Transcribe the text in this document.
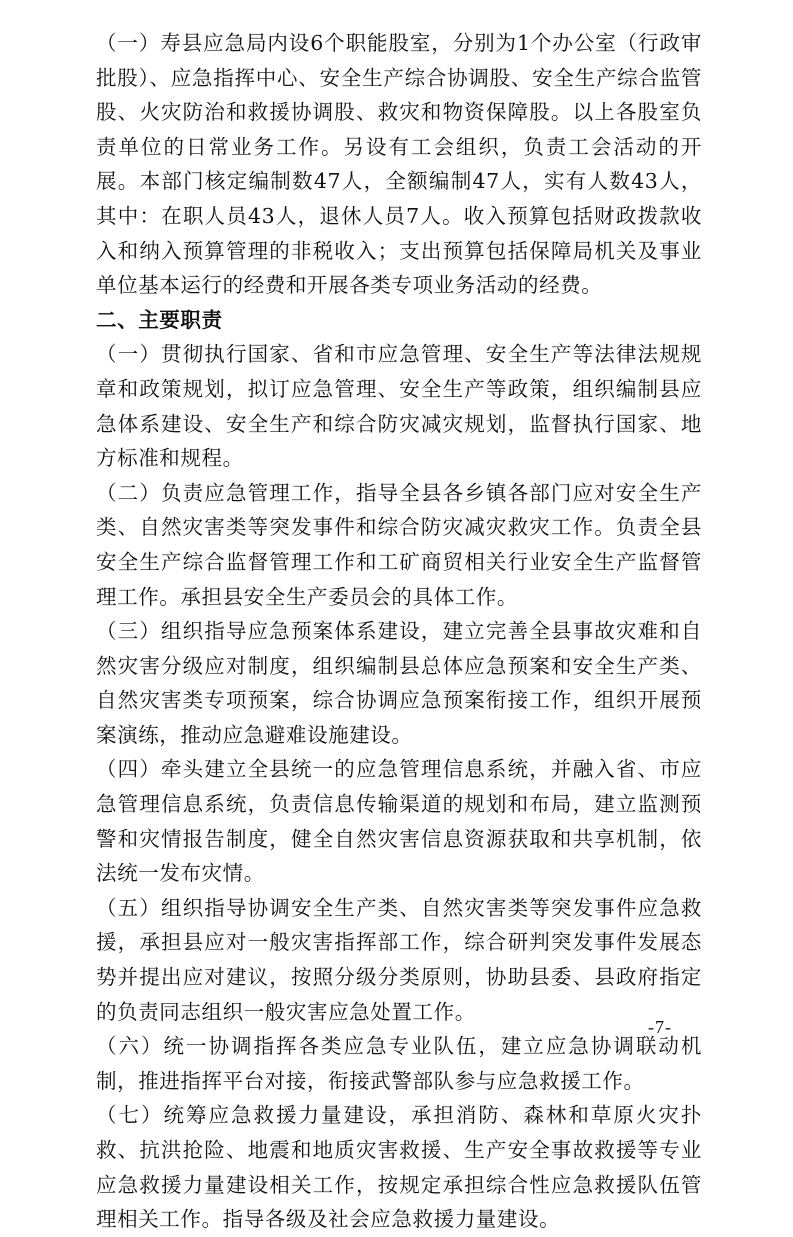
（一）寿县应急局内设6个职能股室，分别为1个办公室（行政审批股）、应急指挥中心、安全生产综合协调股、安全生产综合监管股、火灾防治和救援协调股、救灾和物资保障股。以上各股室负责单位的日常业务工作。另设有工会组织，负责工会活动的开展。本部门核定编制数47人，全额编制47人，实有人数43人，其中：在职人员43人，退休人员7人。收入预算包括财政拨款收入和纳入预算管理的非税收入；支出预算包括保障局机关及事业单位基本运行的经费和开展各类专项业务活动的经费。

二、主要职责

（一）贯彻执行国家、省和市应急管理、安全生产等法律法规规章和政策规划，拟订应急管理、安全生产等政策，组织编制县应急体系建设、安全生产和综合防灾减灾规划，监督执行国家、地方标准和规程。

（二）负责应急管理工作，指导全县各乡镇各部门应对安全生产类、自然灾害类等突发事件和综合防灾减灾救灾工作。负责全县安全生产综合监督管理工作和工矿商贸相关行业安全生产监督管理工作。承担县安全生产委员会的具体工作。

（三）组织指导应急预案体系建设，建立完善全县事故灾难和自然灾害分级应对制度，组织编制县总体应急预案和安全生产类、自然灾害类专项预案，综合协调应急预案衔接工作，组织开展预案演练，推动应急避难设施建设。

（四）牵头建立全县统一的应急管理信息系统，并融入省、市应急管理信息系统，负责信息传输渠道的规划和布局，建立监测预警和灾情报告制度，健全自然灾害信息资源获取和共享机制，依法统一发布灾情。

（五）组织指导协调安全生产类、自然灾害类等突发事件应急救援，承担县应对一般灾害指挥部工作，综合研判突发事件发展态势并提出应对建议，按照分级分类原则，协助县委、县政府指定的负责同志组织一般灾害应急处置工作。

（六）统一协调指挥各类应急专业队伍，建立应急协调联动机制，推进指挥平台对接，衔接武警部队参与应急救援工作。

（七）统筹应急救援力量建设，承担消防、森林和草原火灾扑救、抗洪抢险、地震和地质灾害救援、生产安全事故救援等专业应急救援力量建设相关工作，按规定承担综合性应急救援队伍管理相关工作。指导各级及社会应急救援力量建设。

-7-
